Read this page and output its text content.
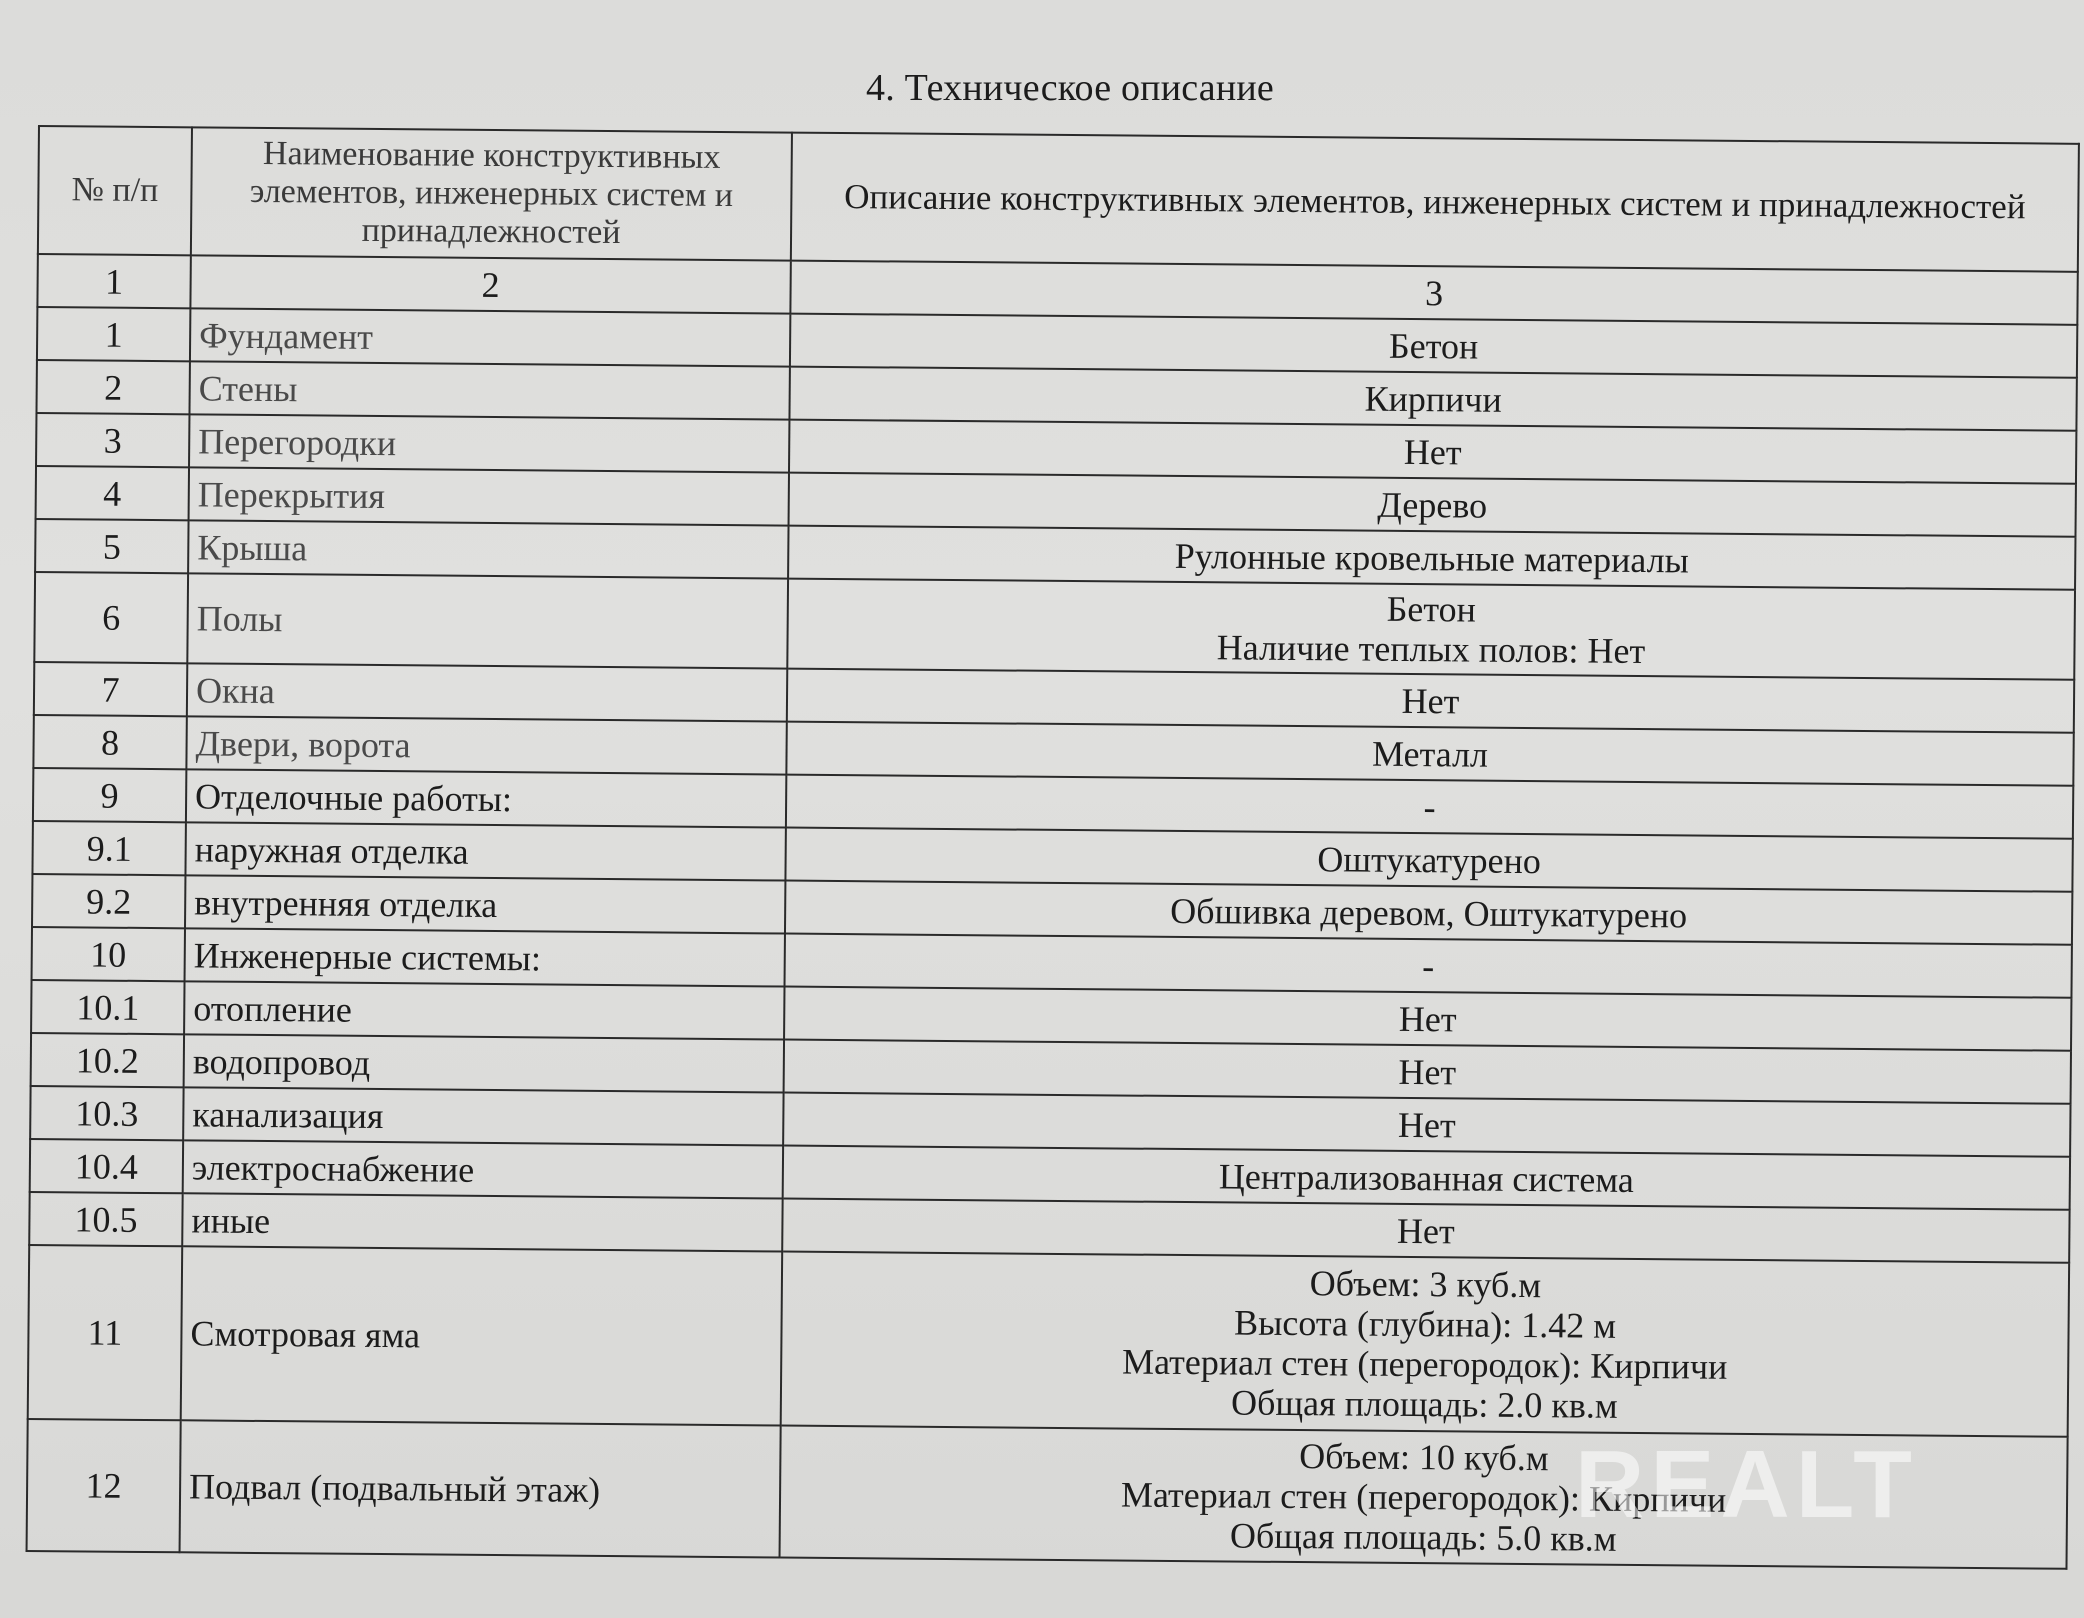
4. Техническое описание
№ п/п	Наименование конструктивных элементов, инженерных систем и принадлежностей	Описание конструктивных элементов, инженерных систем и принадлежностей
1	2	3
1	Фундамент	Бетон

2	Стены	Кирпичи

3	Перегородки	Нет

4	Перекрытия	Дерево

5	Крыша	Рулонные кровельные материалы

6	Полы	Бетон
Наличие теплых полов: Нет

7	Окна	Нет

8	Двери, ворота	Металл

9	Отделочные работы:	-

9.1	наружная отделка	Оштукатурено

9.2	внутренняя отделка	Обшивка деревом, Оштукатурено

10	Инженерные системы:	-

10.1	отопление	Нет

10.2	водопровод	Нет

10.3	канализация	Нет

10.4	электроснабжение	Централизованная система

10.5	иные	Нет

11	Смотровая яма	Объем: 3 куб.м
Высота (глубина): 1.42 м
Материал стен (перегородок): Кирпичи
Общая площадь: 2.0 кв.м

12	Подвал (подвальный этаж)	Объем: 10 куб.м
Материал стен (перегородок): Кирпичи
Общая площадь: 5.0 кв.м
REALT
